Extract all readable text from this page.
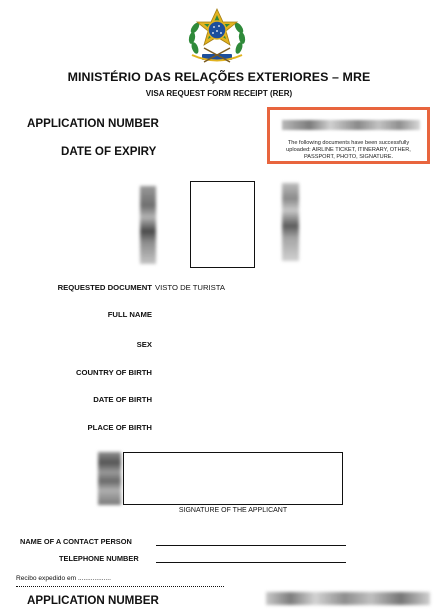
MINISTÉRIO DAS RELAÇÕES EXTERIORES – MRE
VISA REQUEST FORM RECEIPT (RER)
APPLICATION NUMBER
DATE OF EXPIRY
The following documents have been successfully uploaded: AIRLINE TICKET, ITINERARY, OTHER, PASSPORT, PHOTO, SIGNATURE.
REQUESTED DOCUMENT VISTO DE TURISTA
FULL NAME
SEX
COUNTRY OF BIRTH
DATE OF BIRTH
PLACE OF BIRTH
SIGNATURE OF THE APPLICANT
NAME OF A CONTACT PERSON
TELEPHONE NUMBER
Recibo expedido em ..................
APPLICATION NUMBER
